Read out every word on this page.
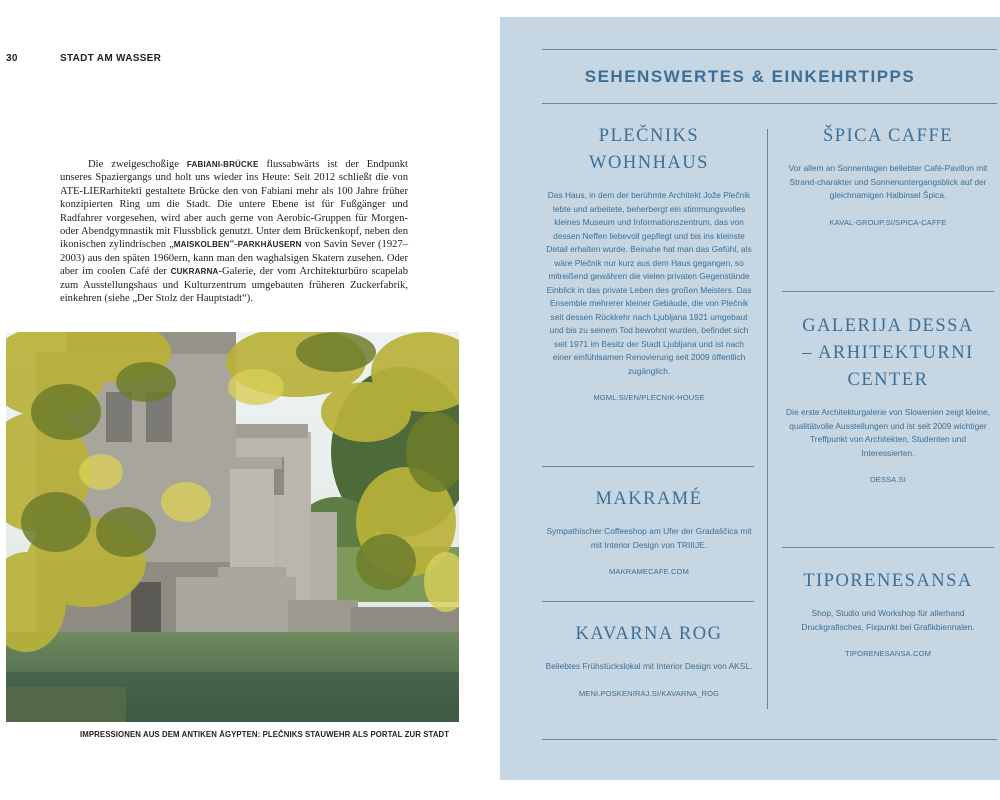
30	STADT AM WASSER

Die zweigeschoßige FABIANI-BRÜCKE flussabwärts ist der Endpunkt unseres Spaziergangs und holt uns wieder ins Heute: Seit 2012 schließt die von ATE-LIERarhitekti gestaltete Brücke den von Fabiani mehr als 100 Jahre früher konzipierten Ring um die Stadt. Die untere Ebene ist für Fußgänger und Radfahrer vorgesehen, wird aber auch gerne von Aerobic-Gruppen für Morgen- oder Abendgymnastik mit Flussblick genutzt. Unter dem Brückenkopf, neben den ikonischen zylindrischen „MAISKOLBEN“-PARKHÄUSERN von Savin Sever (1927–2003) aus den späten 1960ern, kann man den waghalsigen Skatern zusehen. Oder aber im coolen Café der CUKRARNA-Galerie, der vom Architekturbüro scapelab zum Ausstellungshaus und Kulturzentrum umgebauten früheren Zuckerfabrik, einkehren (siehe „Der Stolz der Hauptstadt“).

IMPRESSIONEN AUS DEM ANTIKEN ÄGYPTEN: PLEČNIKS STAUWEHR ALS PORTAL ZUR STADT
SEHENSWERTES & EINKEHRTIPPS
PLEČNIKS WOHNHAUS
Das Haus, in dem der berühmte Architekt Jože Plečnik lebte und arbeitete, beherbergt ein stimmungsvolles kleines Museum und Informationszentrum, das von dessen Neffen liebevoll gepflegt und bis ins kleinste Detail erhalten wurde. Beinahe hat man das Gefühl, als wäre Plečnik nur kurz aus dem Haus gegangen, so mitreißend gewähren die vielen privaten Gegenstände Einblick in das private Leben des großen Meisters. Das Ensemble mehrerer kleiner Gebäude, die von Plečnik seit dessen Rückkehr nach Ljubljana 1921 umgebaut und bis zu seinem Tod bewohnt wurden, befindet sich seit 1971 im Besitz der Stadt Ljubljana und ist nach einer einfühlsamen Renovierung seit 2009 öffentlich zugänglich.
MGML.SI/EN/PLECNIK-HOUSE
MAKRAMÉ
Sympathischer Coffeeshop am Ufer der Gradaščica mit mit Interior Design von TRIIIJE.
MAKRAMECAFE.COM
KAVARNA ROG
Beliebtes Frühstückslokal mit Interior Design von AKSL.
MENI.POSKENIRAJ.SI/KAVARNA_ROG
ŠPICA CAFFE
Vor allem an Sonnentagen beliebter Café-Pavillon mit Strand-charakter und Sonnenuntergangsblick auf der gleichnamigen Halbinsel Špica.
KAVAL-GROUP.SI/SPICA-CAFFE
GALERIJA DESSA – ARHITEKTURNI CENTER
Die erste Architekturgalerie von Slowenien zeigt kleine, qualitätvolle Ausstellungen und ist seit 2009 wichtiger Treffpunkt von Architekten, Studenten und Interessierten.
DESSA.SI
TIPORENESANSA
Shop, Studio und Workshop für allerhand Druckgrafisches, Fixpunkt bei Grafikbiennalen.
TIPORENESANSA.COM
